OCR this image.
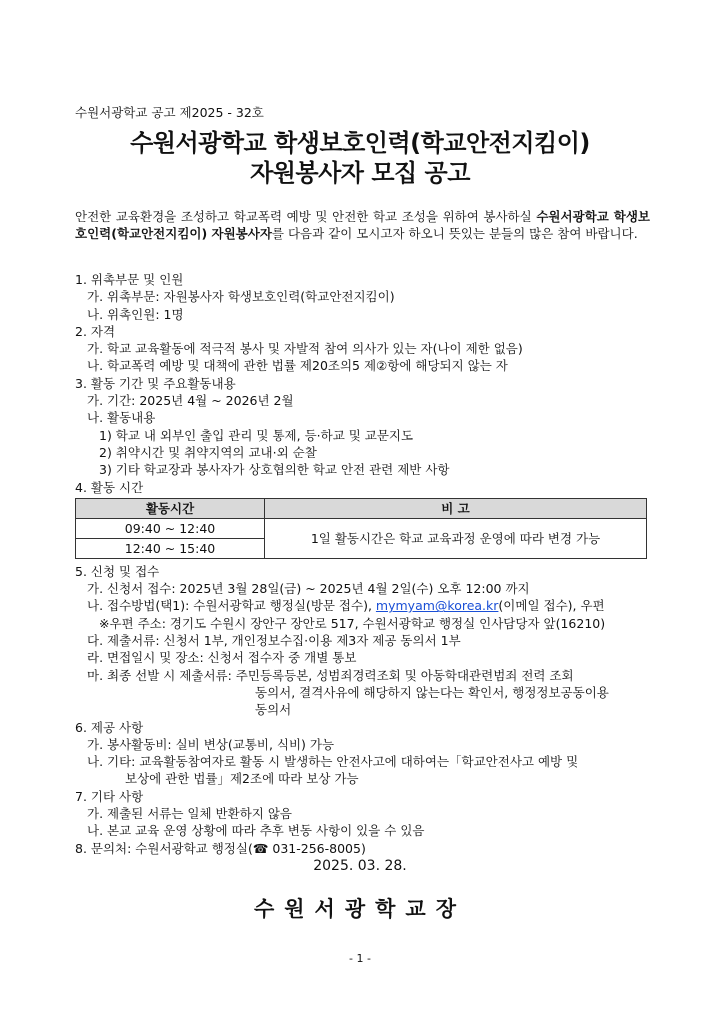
수원서광학교 공고 제2025 - 32호
수원서광학교 학생보호인력(학교안전지킴이)
자원봉사자 모집 공고
안전한 교육환경을 조성하고 학교폭력 예방 및 안전한 학교 조성을 위하여 봉사하실 수원서광학교 학생보호인력(학교안전지킴이) 자원봉사자를 다음과 같이 모시고자 하오니 뜻있는 분들의 많은 참여 바랍니다.
1. 위촉부문 및 인원
가. 위촉부문: 자원봉사자 학생보호인력(학교안전지킴이)
나. 위촉인원: 1명
2. 자격
가. 학교 교육활동에 적극적 봉사 및 자발적 참여 의사가 있는 자(나이 제한 없음)
나. 학교폭력 예방 및 대책에 관한 법률 제20조의5 제②항에 해당되지 않는 자
3. 활동 기간 및 주요활동내용
가. 기간: 2025년 4월 ~ 2026년 2월
나. 활동내용
1) 학교 내 외부인 출입 관리 및 통제, 등·하교 및 교문지도
2) 취약시간 및 취약지역의 교내·외 순찰
3) 기타 학교장과 봉사자가 상호협의한 학교 안전 관련 제반 사항
4. 활동 시간
활동시간	비 고
09:40 ~ 12:40	1일 활동시간은 학교 교육과정 운영에 따라 변경 가능
12:40 ~ 15:40	
5. 신청 및 접수
가. 신청서 접수: 2025년 3월 28일(금) ~ 2025년 4월 2일(수) 오후 12:00 까지
나. 접수방법(택1): 수원서광학교 행정실(방문 접수), mymyam@korea.kr(이메일 접수), 우편
※우편 주소: 경기도 수원시 장안구 장안로 517, 수원서광학교 행정실 인사담당자 앞(16210)
다. 제출서류: 신청서 1부, 개인정보수집·이용 제3자 제공 동의서 1부
라. 면접일시 및 장소: 신청서 접수자 중 개별 통보
마. 최종 선발 시 제출서류: 주민등록등본, 성범죄경력조회 및 아동학대관련범죄 전력 조회
동의서, 결격사유에 해당하지 않는다는 확인서, 행정정보공동이용
동의서
6. 제공 사항
가. 봉사활동비: 실비 변상(교통비, 식비) 가능
나. 기타: 교육활동참여자로 활동 시 발생하는 안전사고에 대하여는「학교안전사고 예방 및
보상에 관한 법률」제2조에 따라 보상 가능
7. 기타 사항
가. 제출된 서류는 일체 반환하지 않음
나. 본교 교육 운영 상황에 따라 추후 변동 사항이 있을 수 있음
8. 문의처: 수원서광학교 행정실(☎ 031-256-8005)
2025. 03. 28.
수원서광학교장
- 1 -
